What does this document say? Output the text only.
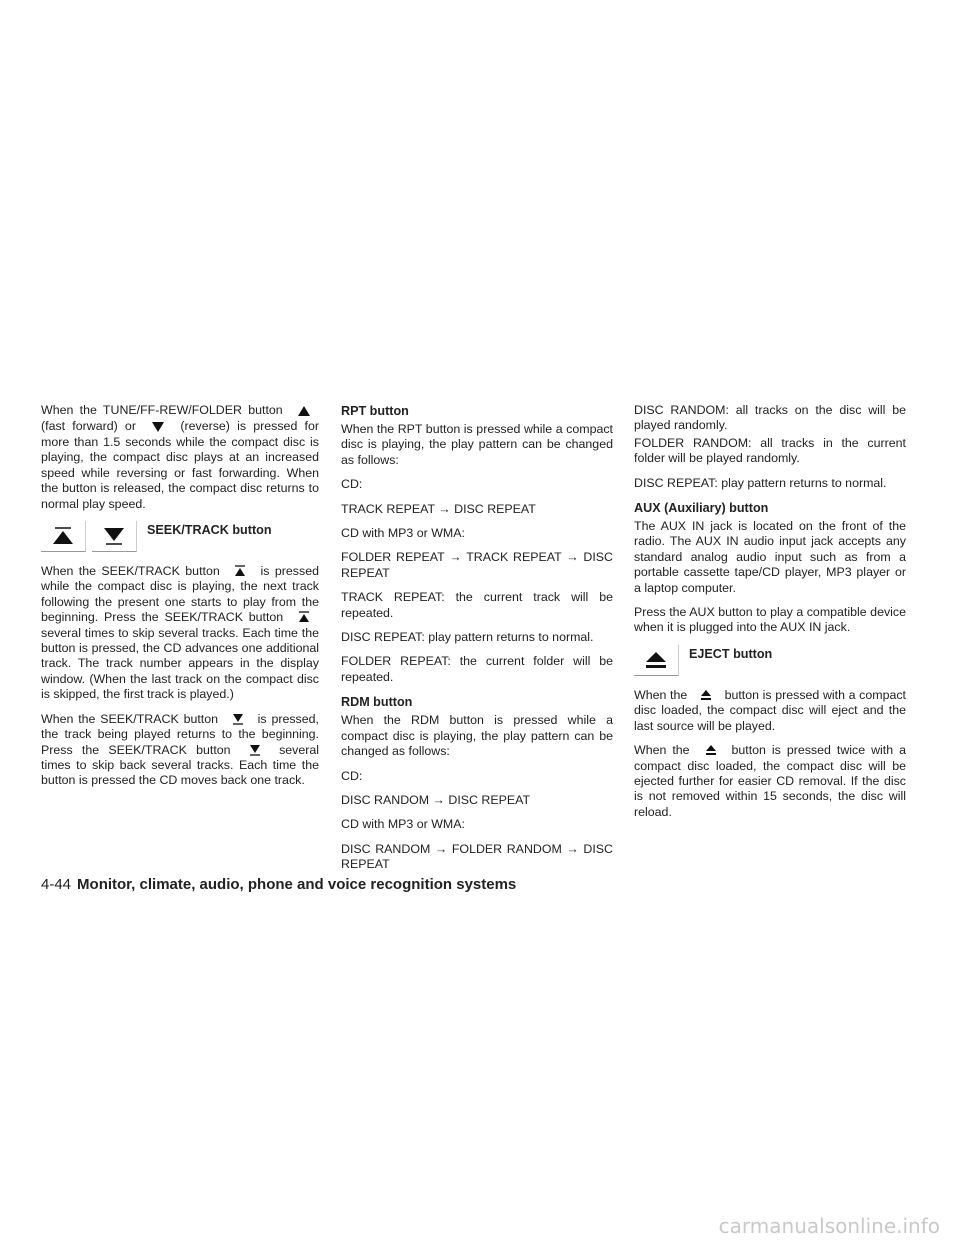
When the TUNE/FF-REW/FOLDER button  (fast forward) or	(reverse) is pressed for more than 1.5 seconds while the compact disc is playing, the compact disc plays at an increased speed while reversing or fast forwarding. When the button is released, the compact disc returns to normal play speed.

SEEK/TRACK button

When the SEEK/TRACK button	is pressed while the compact disc is playing, the next track following the present one starts to play from the beginning. Press the SEEK/TRACK button  several times to skip several tracks. Each time the button is pressed, the CD advances one additional track. The track number appears in the display window. (When the last track on the compact disc is skipped, the first track is played.)

When the SEEK/TRACK button	is pressed, the track being played returns to the beginning. Press the SEEK/TRACK button	several times to skip back several tracks. Each time the button is pressed the CD moves back one track.

RPT button

When the RPT button is pressed while a compact disc is playing, the play pattern can be changed as follows:

CD:

TRACK REPEAT → DISC REPEAT

CD with MP3 or WMA:

FOLDER REPEAT → TRACK REPEAT → DISC REPEAT

TRACK REPEAT: the current track will be repeated.

DISC REPEAT: play pattern returns to normal.

FOLDER REPEAT: the current folder will be repeated.

RDM button

When the RDM button is pressed while a compact disc is playing, the play pattern can be changed as follows:

CD:

DISC RANDOM → DISC REPEAT

CD with MP3 or WMA:

DISC RANDOM → FOLDER RANDOM → DISC REPEAT

DISC RANDOM: all tracks on the disc will be played randomly.

FOLDER RANDOM: all tracks in the current folder will be played randomly.

DISC REPEAT: play pattern returns to normal.

AUX (Auxiliary) button

The AUX IN jack is located on the front of the radio. The AUX IN audio input jack accepts any standard analog audio input such as from a portable cassette tape/CD player, MP3 player or a laptop computer.

Press the AUX button to play a compatible device when it is plugged into the AUX IN jack.

EJECT button

When the	button is pressed with a compact disc loaded, the compact disc will eject and the last source will be played.

When the	button is pressed twice with a compact disc loaded, the compact disc will be ejected further for easier CD removal. If the disc is not removed within 15 seconds, the disc will reload.

4-44 Monitor, climate, audio, phone and voice recognition systems
carmanualsonline.info
